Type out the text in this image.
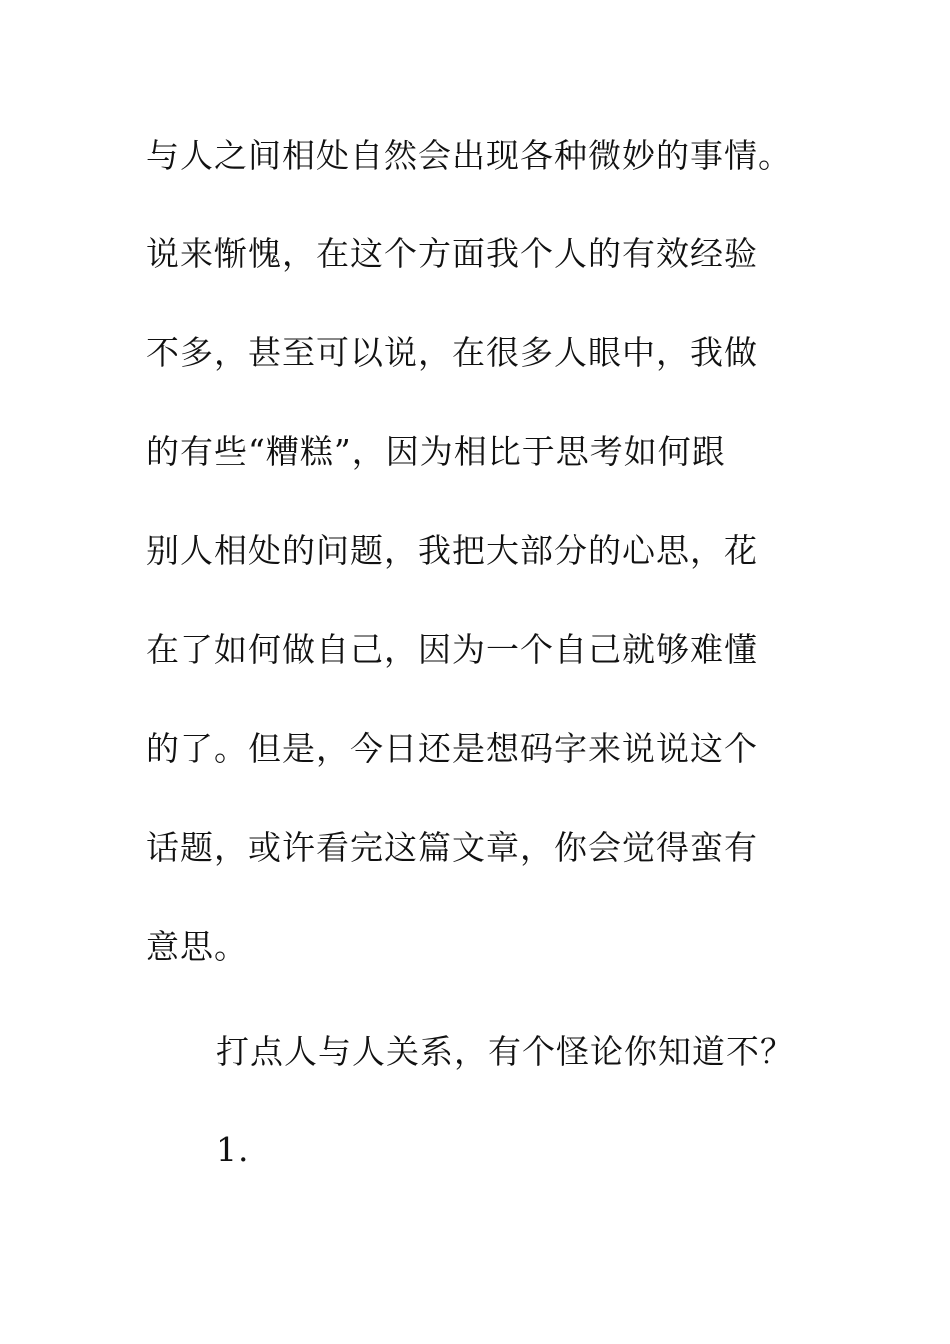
与人之间相处自然会出现各种微妙的事情。
说来惭愧，在这个方面我个人的有效经验
不多，甚至可以说，在很多人眼中，我做
的有些“糟糕”，因为相比于思考如何跟
别人相处的问题，我把大部分的心思，花
在了如何做自己，因为一个自己就够难懂
的了。但是，今日还是想码字来说说这个
话题，或许看完这篇文章，你会觉得蛮有
意思。
打点人与人关系，有个怪论你知道不？
1.
